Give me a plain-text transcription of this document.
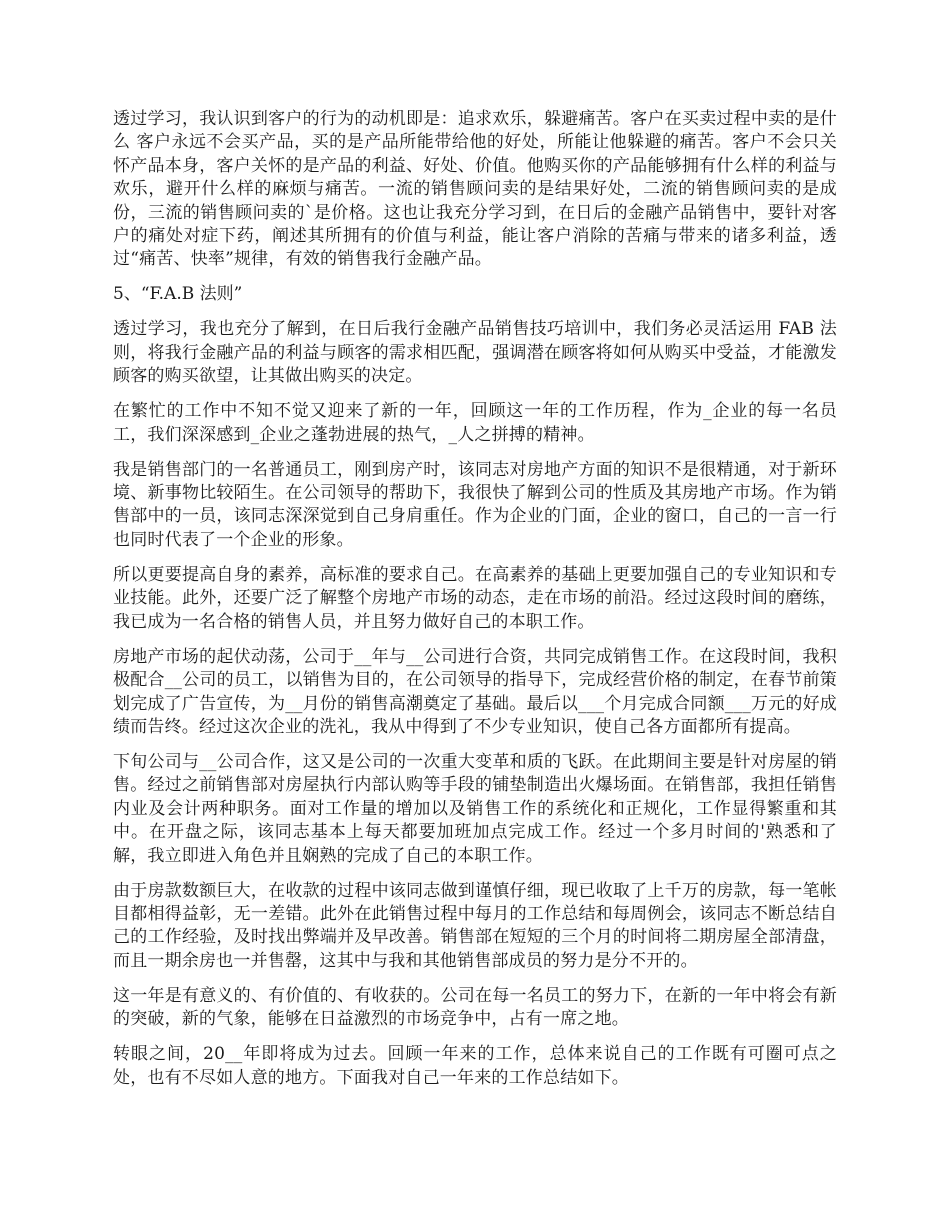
透过学习，我认识到客户的行为的动机即是：追求欢乐，躲避痛苦。客户在买卖过程中卖的是什么 客户永远不会买产品，买的是产品所能带给他的好处，所能让他躲避的痛苦。客户不会只关怀产品本身，客户关怀的是产品的利益、好处、价值。他购买你的产品能够拥有什么样的利益与欢乐，避开什么样的麻烦与痛苦。一流的销售顾问卖的是结果好处，二流的销售顾问卖的是成份，三流的销售顾问卖的`是价格。这也让我充分学习到，在日后的金融产品销售中，要针对客户的痛处对症下药，阐述其所拥有的价值与利益，能让客户消除的苦痛与带来的诸多利益，透过“痛苦、快率”规律，有效的销售我行金融产品。

5、“F.A.B 法则”

透过学习，我也充分了解到，在日后我行金融产品销售技巧培训中，我们务必灵活运用 FAB 法则，将我行金融产品的利益与顾客的需求相匹配，强调潜在顾客将如何从购买中受益，才能激发顾客的购买欲望，让其做出购买的决定。

在繁忙的工作中不知不觉又迎来了新的一年，回顾这一年的工作历程，作为_企业的每一名员工，我们深深感到_企业之蓬勃进展的热气，_人之拼搏的精神。

我是销售部门的一名普通员工，刚到房产时，该同志对房地产方面的知识不是很精通，对于新环境、新事物比较陌生。在公司领导的帮助下，我很快了解到公司的性质及其房地产市场。作为销售部中的一员，该同志深深觉到自己身肩重任。作为企业的门面，企业的窗口，自己的一言一行也同时代表了一个企业的形象。

所以更要提高自身的素养，高标准的要求自己。在高素养的基础上更要加强自己的专业知识和专业技能。此外，还要广泛了解整个房地产市场的动态，走在市场的前沿。经过这段时间的磨练，我已成为一名合格的销售人员，并且努力做好自己的本职工作。

房地产市场的起伏动荡，公司于__年与__公司进行合资，共同完成销售工作。在这段时间，我积极配合__公司的员工，以销售为目的，在公司领导的指导下，完成经营价格的制定，在春节前策划完成了广告宣传，为__月份的销售高潮奠定了基础。最后以___个月完成合同额___万元的好成绩而告终。经过这次企业的洗礼，我从中得到了不少专业知识，使自己各方面都所有提高。

下旬公司与__公司合作，这又是公司的一次重大变革和质的飞跃。在此期间主要是针对房屋的销售。经过之前销售部对房屋执行内部认购等手段的铺垫制造出火爆场面。在销售部，我担任销售内业及会计两种职务。面对工作量的增加以及销售工作的系统化和正规化，工作显得繁重和其中。在开盘之际，该同志基本上每天都要加班加点完成工作。经过一个多月时间的'熟悉和了解，我立即进入角色并且娴熟的完成了自己的本职工作。

由于房款数额巨大，在收款的过程中该同志做到谨慎仔细，现已收取了上千万的房款，每一笔帐目都相得益彰，无一差错。此外在此销售过程中每月的工作总结和每周例会，该同志不断总结自己的工作经验，及时找出弊端并及早改善。销售部在短短的三个月的时间将二期房屋全部清盘，而且一期余房也一并售罄，这其中与我和其他销售部成员的努力是分不开的。

这一年是有意义的、有价值的、有收获的。公司在每一名员工的努力下，在新的一年中将会有新的突破，新的气象，能够在日益激烈的市场竞争中，占有一席之地。

转眼之间，20__年即将成为过去。回顾一年来的工作，总体来说自己的工作既有可圈可点之处，也有不尽如人意的地方。下面我对自己一年来的工作总结如下。
